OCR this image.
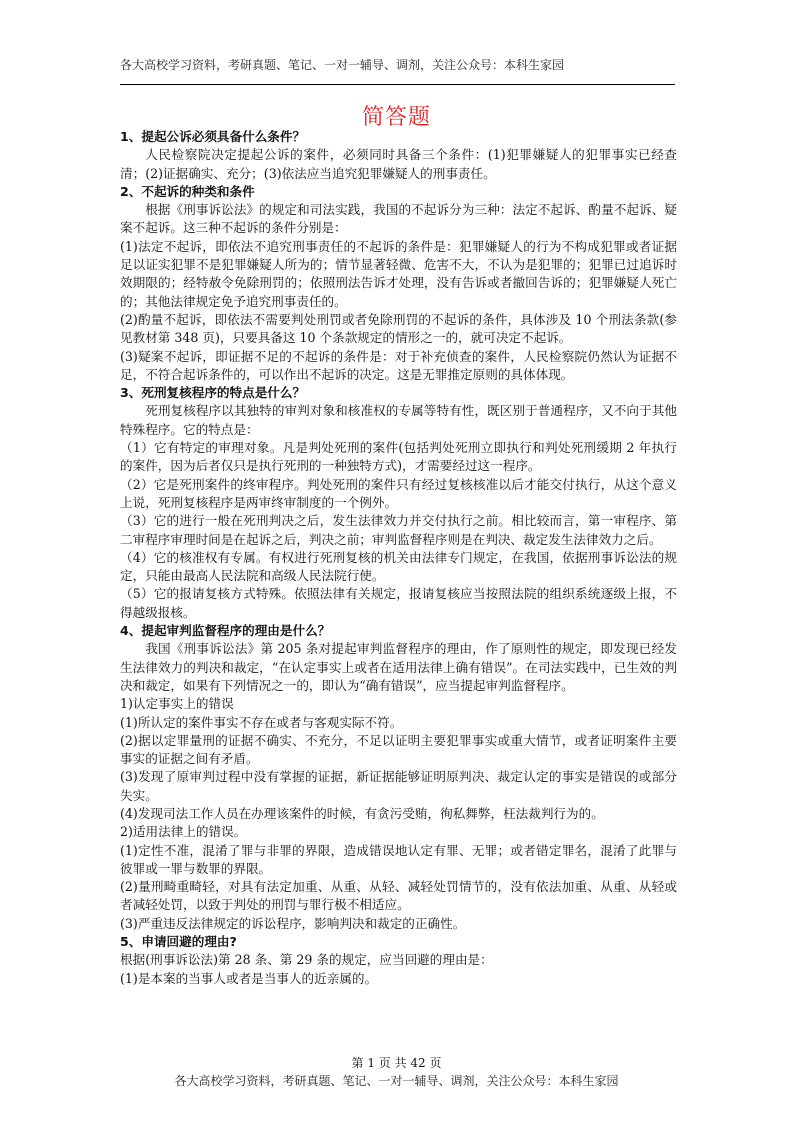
各大高校学习资料，考研真题、笔记、一对一辅导、调剂，关注公众号：本科生家园
简答题

1、提起公诉必须具备什么条件？

人民检察院决定提起公诉的案件，必须同时具备三个条件：(1)犯罪嫌疑人的犯罪事实已经查清；(2)证据确实、充分；(3)依法应当追究犯罪嫌疑人的刑事责任。

2、不起诉的种类和条件

根据《刑事诉讼法》的规定和司法实践，我国的不起诉分为三种：法定不起诉、酌量不起诉、疑案不起诉。这三种不起诉的条件分别是：

(1)法定不起诉，即依法不追究刑事责任的不起诉的条件是：犯罪嫌疑人的行为不构成犯罪或者证据足以证实犯罪不是犯罪嫌疑人所为的；情节显著轻微、危害不大，不认为是犯罪的；犯罪已过追诉时效期限的；经特赦令免除刑罚的；依照刑法告诉才处理，没有告诉或者撤回告诉的；犯罪嫌疑人死亡的；其他法律规定免予追究刑事责任的。

(2)酌量不起诉，即依法不需要判处刑罚或者免除刑罚的不起诉的条件，具体涉及 10 个刑法条款(参见教材第 348 页)，只要具备这 10 个条款规定的情形之一的，就可决定不起诉。

(3)疑案不起诉，即证据不足的不起诉的条件是：对于补充侦查的案件，人民检察院仍然认为证据不足，不符合起诉条件的，可以作出不起诉的决定。这是无罪推定原则的具体体现。

3、死刑复核程序的特点是什么？

死刑复核程序以其独特的审判对象和核准权的专属等特有性，既区别于普通程序，又不向于其他特殊程序。它的特点是：

（1）它有特定的审理对象。凡是判处死刑的案件(包括判处死刑立即执行和判处死刑缓期 2 年执行的案件，因为后者仅只是执行死刑的一种独特方式)，才需要经过这一程序。

（2）它是死刑案件的终审程序。判处死刑的案件只有经过复核核准以后才能交付执行，从这个意义上说，死刑复核程序是两审终审制度的一个例外。

（3）它的进行一般在死刑判决之后，发生法律效力并交付执行之前。相比较而言，第一审程序、第二审程序审理时间是在起诉之后，判决之前；审判监督程序则是在判决、裁定发生法律效力之后。

（4）它的核准权有专属。有权进行死刑复核的机关由法律专门规定，在我国，依据刑事诉讼法的规定，只能由最高人民法院和高级人民法院行使。

（5）它的报请复核方式特殊。依照法律有关规定，报请复核应当按照法院的组织系统逐级上报，不得越级报核。

4、提起审判监督程序的理由是什么？

我国《刑事诉讼法》第 205 条对提起审判监督程序的理由，作了原则性的规定，即发现已经发生法律效力的判决和裁定，“在认定事实上或者在适用法律上确有错误”。在司法实践中，已生效的判决和裁定，如果有下列情况之一的，即认为“确有错误”，应当提起审判监督程序。

1)认定事实上的错误

(1)所认定的案件事实不存在或者与客观实际不符。

(2)据以定罪量刑的证据不确实、不充分，不足以证明主要犯罪事实或重大情节，或者证明案件主要事实的证据之间有矛盾。

(3)发现了原审判过程中没有掌握的证据，新证据能够证明原判决、裁定认定的事实是错误的或部分失实。

(4)发现司法工作人员在办理该案件的时候，有贪污受贿，徇私舞弊，枉法裁判行为的。

2)适用法律上的错误。

(1)定性不准，混淆了罪与非罪的界限，造成错误地认定有罪、无罪；或者错定罪名，混淆了此罪与彼罪或一罪与数罪的界限。

(2)量刑畸重畸轻，对具有法定加重、从重、从轻、减轻处罚情节的，没有依法加重、从重、从轻或者减轻处罚，以致于判处的刑罚与罪行极不相适应。

(3)严重违反法律规定的诉讼程序，影响判决和裁定的正确性。

5、申请回避的理由?

根据(刑事诉讼法)第 28 条、第 29 条的规定，应当回避的理由是：

(1)是本案的当事人或者是当事人的近亲属的。

第 1 页 共 42 页
各大高校学习资料，考研真题、笔记、一对一辅导、调剂，关注公众号：本科生家园
